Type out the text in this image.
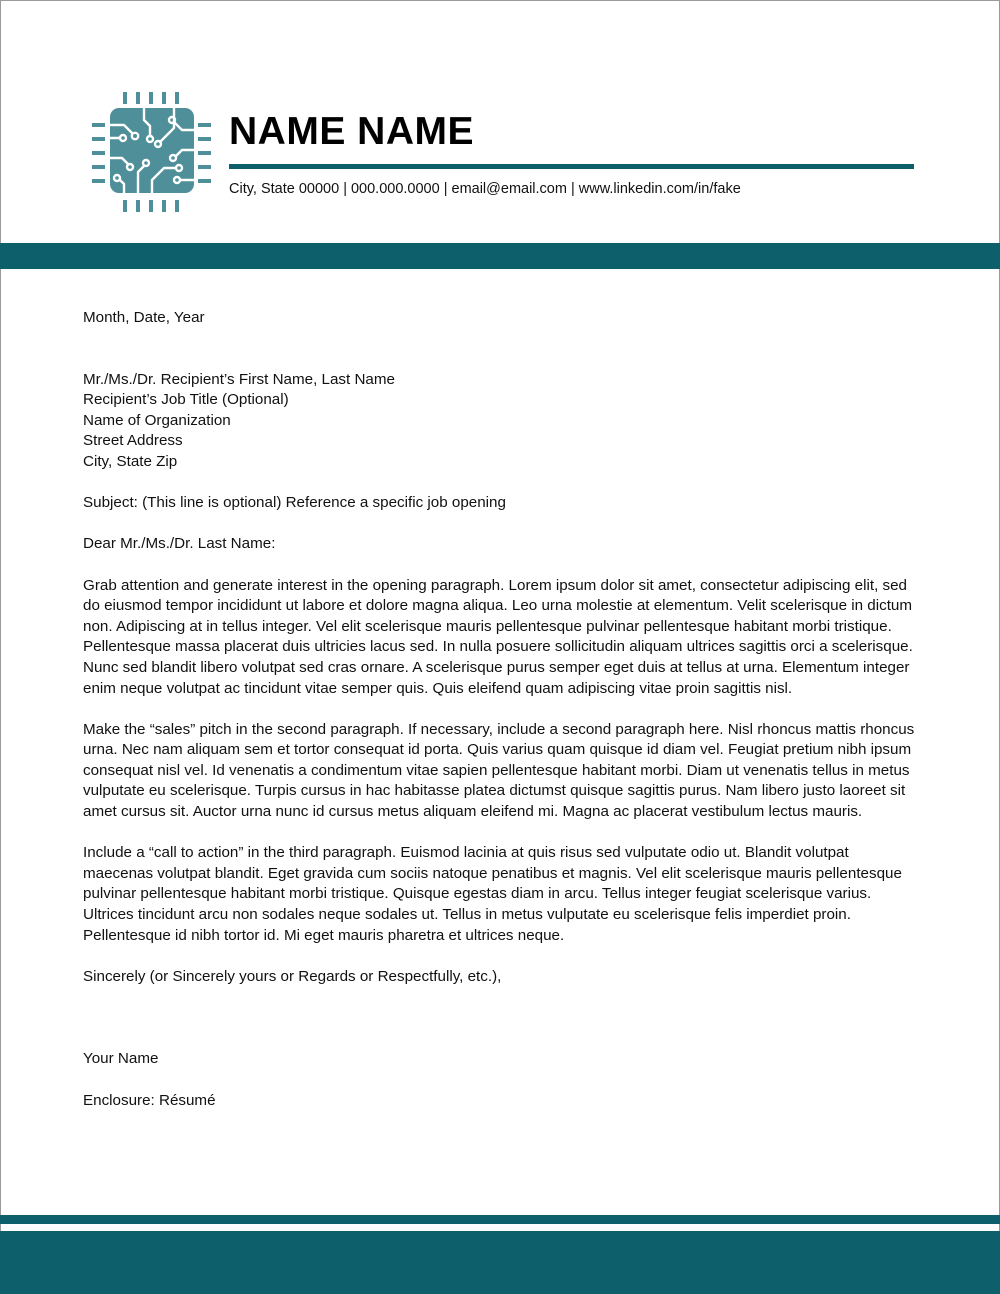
NAME NAME
City, State 00000 | 000.000.0000 | email@email.com | www.linkedin.com/in/fake

Month, Date, Year

Mr./Ms./Dr. Recipient’s First Name, Last Name

Recipient’s Job Title (Optional)

Name of Organization

Street Address

City, State Zip

Subject: (This line is optional) Reference a specific job opening

Dear Mr./Ms./Dr. Last Name:

Grab attention and generate interest in the opening paragraph. Lorem ipsum dolor sit amet, consectetur adipiscing elit, sed do eiusmod tempor incididunt ut labore et dolore magna aliqua. Leo urna molestie at elementum. Velit scelerisque in dictum non. Adipiscing at in tellus integer. Vel elit scelerisque mauris pellentesque pulvinar pellentesque habitant morbi tristique. Pellentesque massa placerat duis ultricies lacus sed. In nulla posuere sollicitudin aliquam ultrices sagittis orci a scelerisque. Nunc sed blandit libero volutpat sed cras ornare. A scelerisque purus semper eget duis at tellus at urna. Elementum integer enim neque volutpat ac tincidunt vitae semper quis. Quis eleifend quam adipiscing vitae proin sagittis nisl.

Make the “sales” pitch in the second paragraph. If necessary, include a second paragraph here. Nisl rhoncus mattis rhoncus urna. Nec nam aliquam sem et tortor consequat id porta. Quis varius quam quisque id diam vel. Feugiat pretium nibh ipsum consequat nisl vel. Id venenatis a condimentum vitae sapien pellentesque habitant morbi. Diam ut venenatis tellus in metus vulputate eu scelerisque. Turpis cursus in hac habitasse platea dictumst quisque sagittis purus. Nam libero justo laoreet sit amet cursus sit. Auctor urna nunc id cursus metus aliquam eleifend mi. Magna ac placerat vestibulum lectus mauris.

Include a “call to action” in the third paragraph. Euismod lacinia at quis risus sed vulputate odio ut. Blandit volutpat maecenas volutpat blandit. Eget gravida cum sociis natoque penatibus et magnis. Vel elit scelerisque mauris pellentesque pulvinar pellentesque habitant morbi tristique. Quisque egestas diam in arcu. Tellus integer feugiat scelerisque varius. Ultrices tincidunt arcu non sodales neque sodales ut. Tellus in metus vulputate eu scelerisque felis imperdiet proin. Pellentesque id nibh tortor id. Mi eget mauris pharetra et ultrices neque.

Sincerely (or Sincerely yours or Regards or Respectfully, etc.),

Your Name

Enclosure: Résumé
